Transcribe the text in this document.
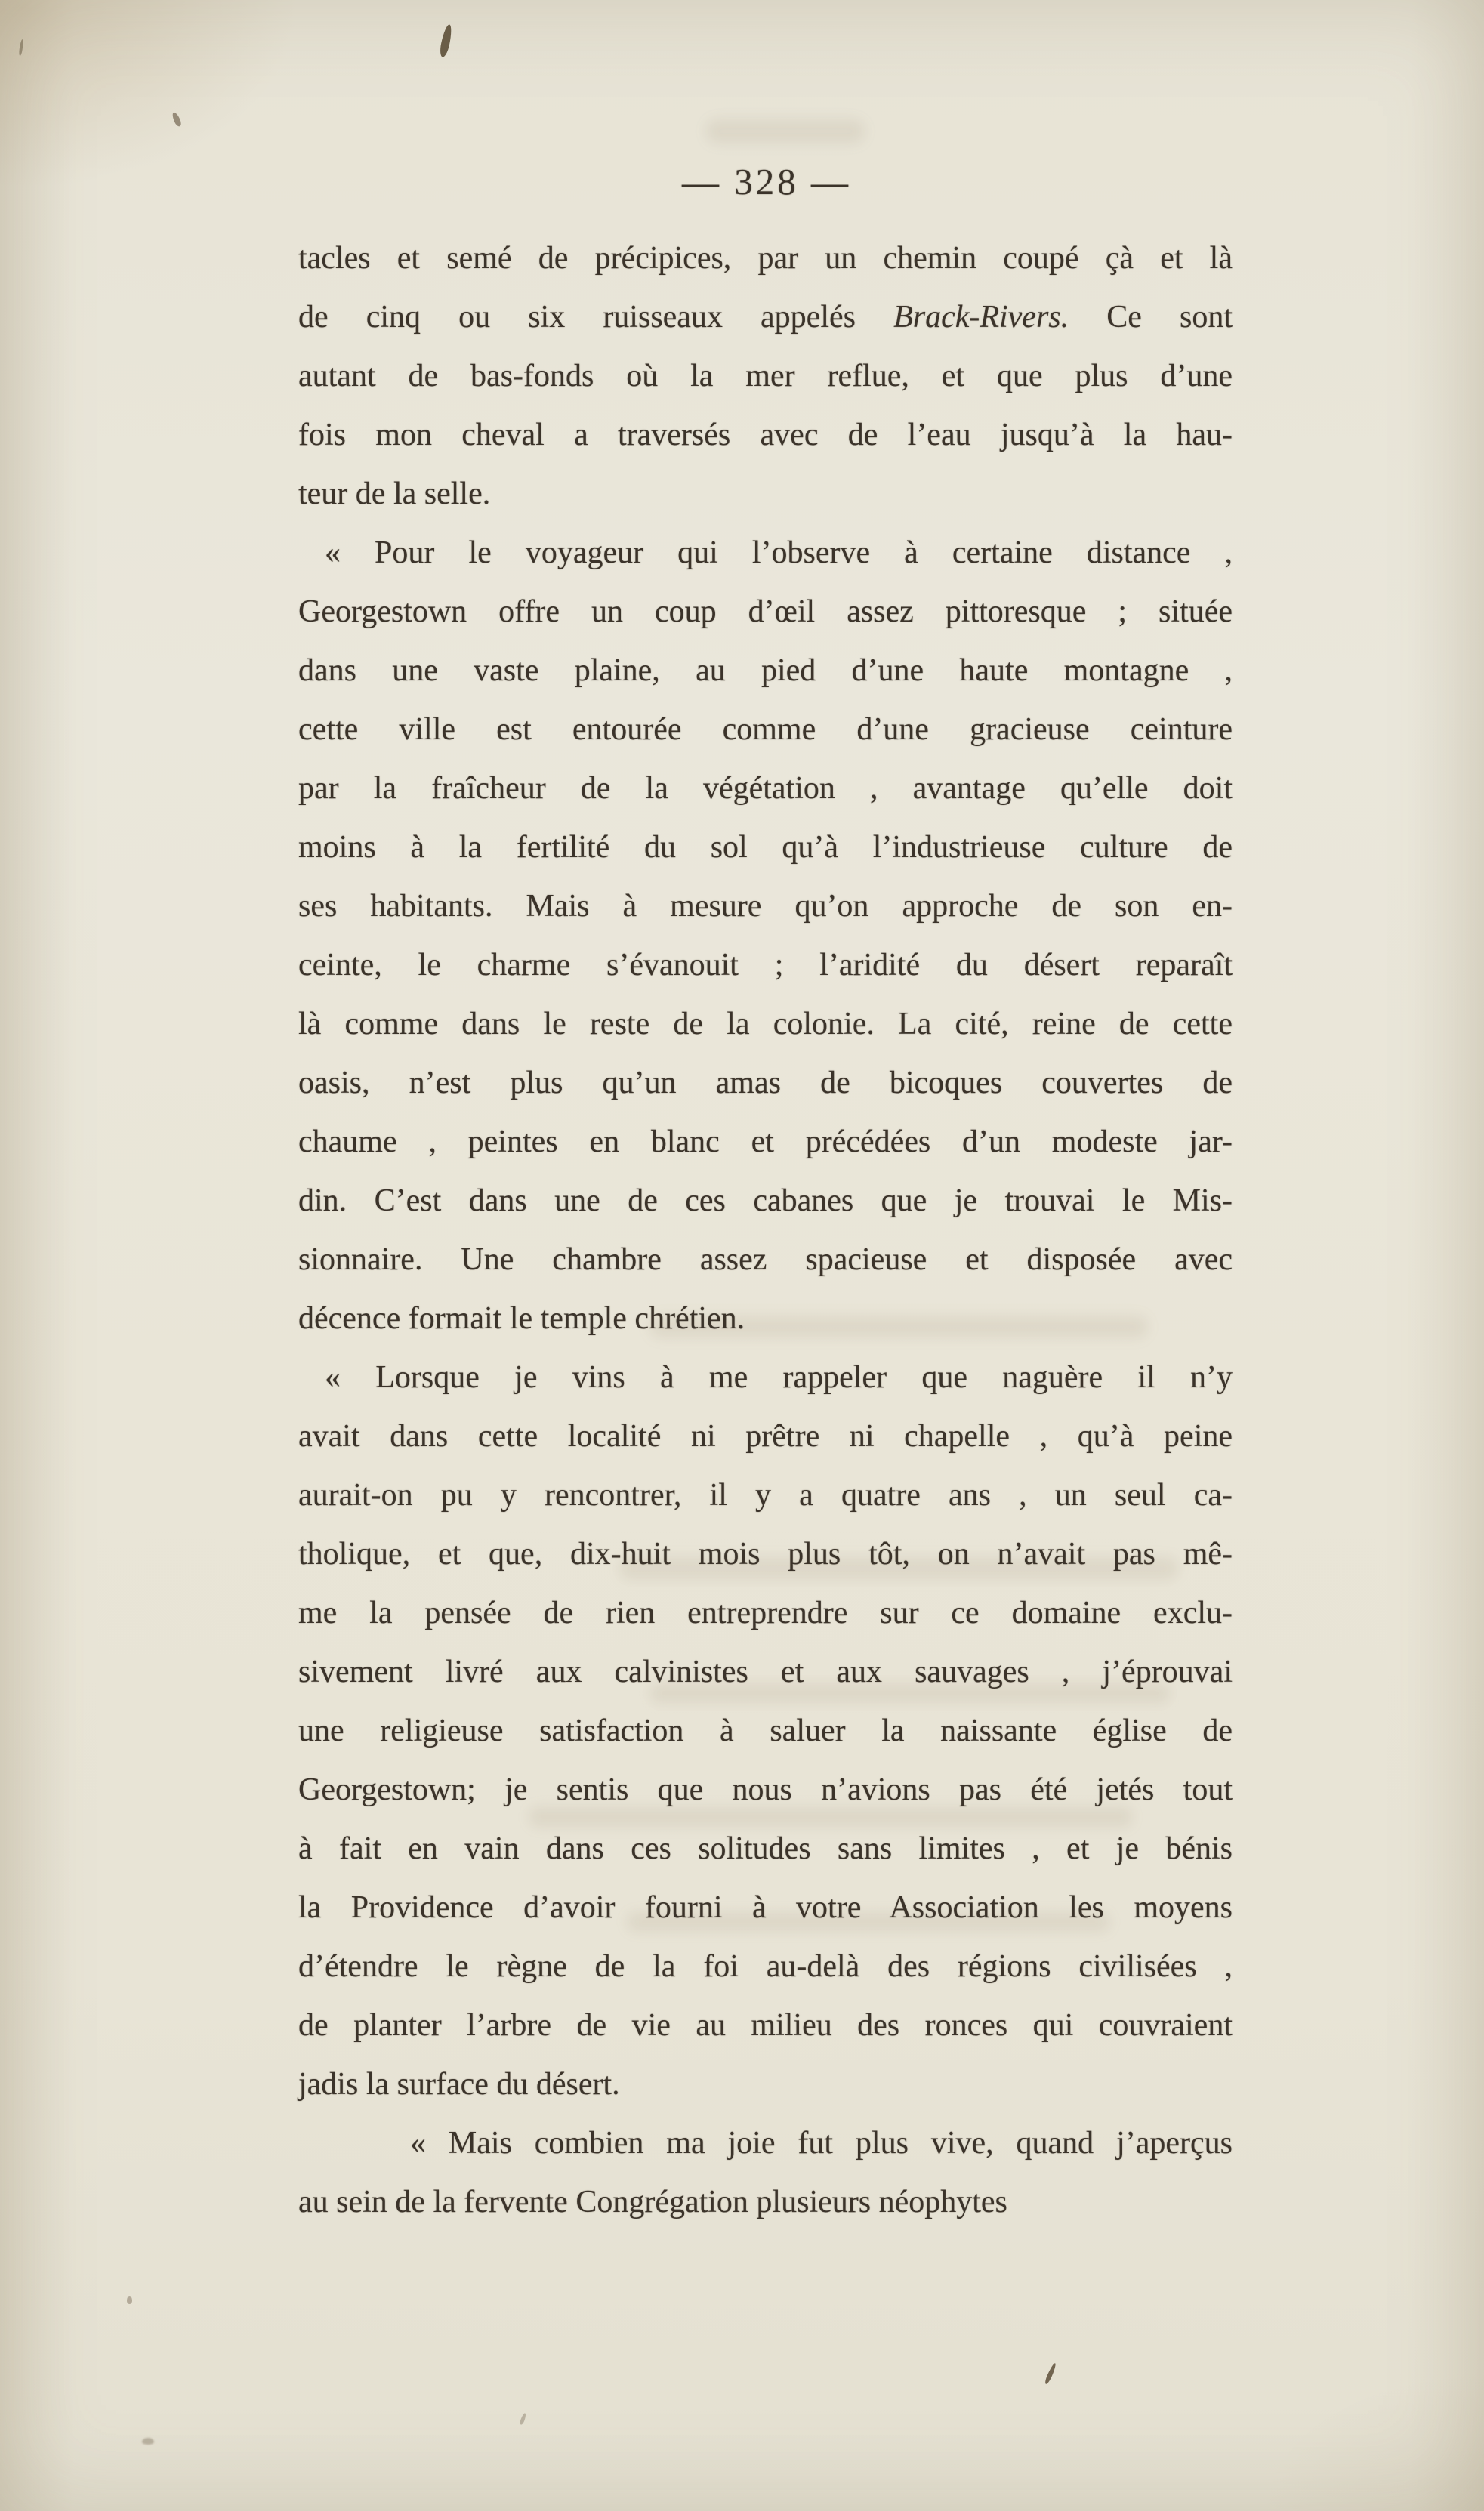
— 328 —
tacles et semé de précipices, par un chemin coupé çà et là
de cinq ou six ruisseaux appelés Brack-Rivers. Ce sont
autant de bas-fonds où la mer reflue, et que plus d’une
fois mon cheval a traversés avec de l’eau jusqu’à la hau-
teur de la selle.
« Pour le voyageur qui l’observe à certaine distance ,
Georgestown offre un coup d’œil assez pittoresque ; située
dans une vaste plaine, au pied d’une haute montagne ,
cette ville est entourée comme d’une gracieuse ceinture
par la fraîcheur de la végétation , avantage qu’elle doit
moins à la fertilité du sol qu’à l’industrieuse culture de
ses habitants. Mais à mesure qu’on approche de son en-
ceinte, le charme s’évanouit ; l’aridité du désert reparaît
là comme dans le reste de la colonie. La cité, reine de cette
oasis, n’est plus qu’un amas de bicoques couvertes de
chaume , peintes en blanc et précédées d’un modeste jar-
din. C’est dans une de ces cabanes que je trouvai le Mis-
sionnaire. Une chambre assez spacieuse et disposée avec
décence formait le temple chrétien.
« Lorsque je vins à me rappeler que naguère il n’y
avait dans cette localité ni prêtre ni chapelle , qu’à peine
aurait-on pu y rencontrer, il y a quatre ans , un seul ca-
tholique, et que, dix-huit mois plus tôt, on n’avait pas mê-
me la pensée de rien entreprendre sur ce domaine exclu-
sivement livré aux calvinistes et aux sauvages , j’éprouvai
une religieuse satisfaction à saluer la naissante église de
Georgestown; je sentis que nous n’avions pas été jetés tout
à fait en vain dans ces solitudes sans limites , et je bénis
la Providence d’avoir fourni à votre Association les moyens
d’étendre le règne de la foi au-delà des régions civilisées ,
de planter l’arbre de vie au milieu des ronces qui couvraient
jadis la surface du désert.
« Mais combien ma joie fut plus vive, quand j’aperçus
au sein de la fervente Congrégation plusieurs néophytes
